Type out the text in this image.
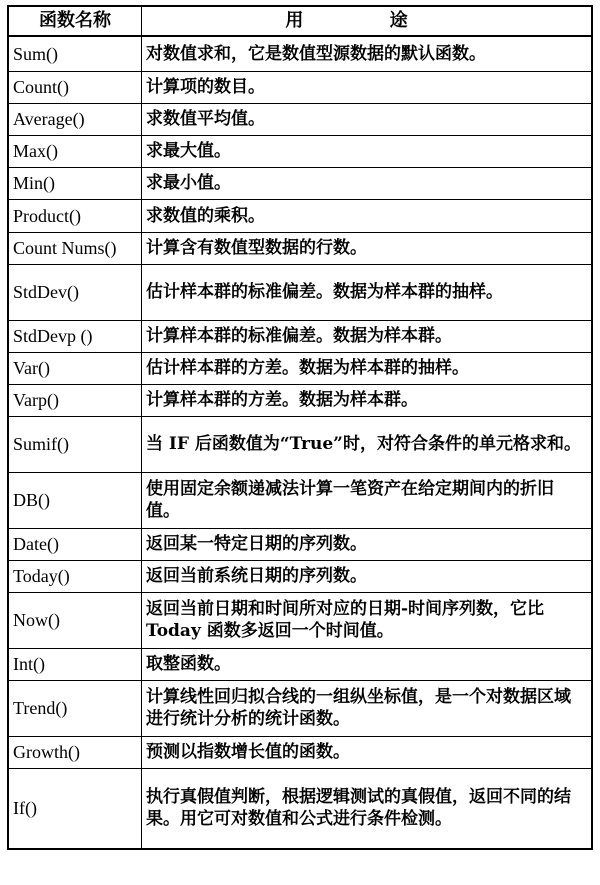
函数名称	用 途
Sum()	对数值求和，它是数值型源数据的默认函数。
Count()	计算项的数目。
Average()	求数值平均值。
Max()	求最大值。
Min()	求最小值。
Product()	求数值的乘积。
Count Nums()	计算含有数值型数据的行数。
StdDev()	估计样本群的标准偏差。数据为样本群的抽样。
StdDevp ()	计算样本群的标准偏差。数据为样本群。
Var()	估计样本群的方差。数据为样本群的抽样。
Varp()	计算样本群的方差。数据为样本群。
Sumif()	当 IF 后函数值为“True”时，对符合条件的单元格求和。
DB()	使用固定余额递减法计算一笔资产在给定期间内的折旧值。
Date()	返回某一特定日期的序列数。
Today()	返回当前系统日期的序列数。
Now()	返回当前日期和时间所对应的日期-时间序列数，它比 Today 函数多返回一个时间值。
Int()	取整函数。
Trend()	计算线性回归拟合线的一组纵坐标值，是一个对数据区域进行统计分析的统计函数。
Growth()	预测以指数增长值的函数。
If()	执行真假值判断，根据逻辑测试的真假值，返回不同的结果。用它可对数值和公式进行条件检测。
